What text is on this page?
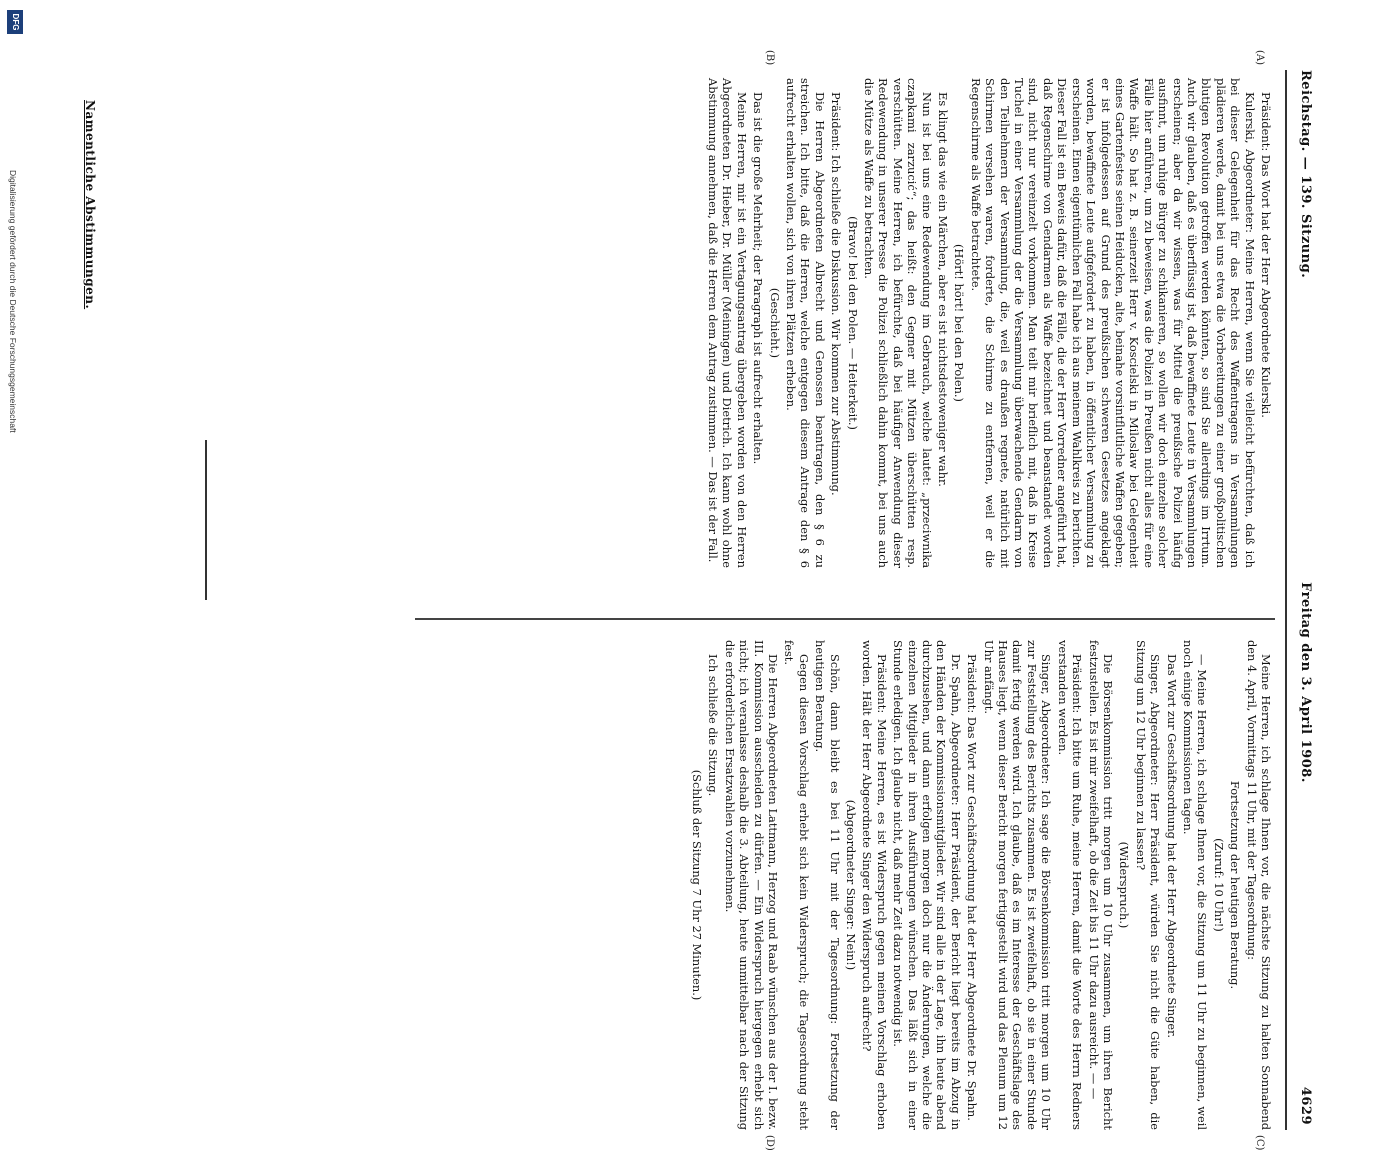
Reichstag. — 139. Sitzung.
Freitag den 3. April 1908.
4629
(A)
(B)
(C)
(D)

Präsident: Das Wort hat der Herr Abgeordnete Kulerski.

Kulerski, Abgeordneter: Meine Herren, wenn Sie vielleicht befürchten, daß ich bei dieser Gelegenheit für das Recht des Waffentragens in Versammlungen plädieren werde, damit bei uns etwa die Vorbereitungen zu einer großpolitischen blutigen Revolution getroffen werden könnten, so sind Sie allerdings im Irrtum. Auch wir glauben, daß es überflüssig ist, daß bewaffnete Leute in Versammlungen erscheinen; aber da wir wissen, was für Mittel die preußische Polizei häufig ausfinnt, um ruhige Bürger zu schikanieren, so wollen wir doch einzelne solcher Fälle hier anführen, um zu beweisen, was die Polizei in Preußen nicht alles für eine Waffe hält. So hat z. B. seinerzeit Herr v. Koscielski in Miloslaw bei Gelegenheit eines Gartenfestes seinen Heiducken, alte, beinahe vorsintflutliche Waffen gegeben; er ist infolgedessen auf Grund des preußischen schweren Gesetzes angeklagt worden, bewaffnete Leute aufgefordert zu haben, in öffentlicher Versammlung zu erscheinen. Einen eigentümlichen Fall habe ich aus meinem Wahlkreis zu berichten. Dieser Fall ist ein Beweis dafür, daß die Fälle, die der Herr Vorredner angeführt hat, daß Regenschirme von Gendarmen als Waffe bezeichnet und beanstandet worden sind, nicht nur vereinzelt vorkommen. Man teilt mir brieflich mit, daß in Kreise Tuchel in einer Versammlung der die Versammlung überwachende Gendarm von den Teilnehmern der Versammlung, die, weil es draußen regnete, natürlich mit Schirmen versehen waren, forderte, die Schirme zu entfernen, weil er die Regenschirme als Waffe betrachtete.

(Hört! hört! bei den Polen.)

Es klingt das wie ein Märchen, aber es ist nichtsdestoweniger wahr.

Nun ist bei uns eine Redewendung im Gebrauch, welche lautet: „przeciwnika czapkami zarzucić“; das heißt: den Gegner mit Mützen überschütten resp. verschütten. Meine Herren, ich befürchte, daß bei häufiger Anwendung dieser Redewendung in unserer Presse die Polizei schließlich dahin kommt, bei uns auch die Mütze als Waffe zu betrachten.

(Bravo! bei den Polen. — Heiterkeit.)

Präsident: Ich schließe die Diskussion. Wir kommen zur Abstimmung.

Die Herren Abgeordneten Albrecht und Genossen beantragen, den § 6 zu streichen. Ich bitte, daß die Herren, welche entgegen diesem Antrage den § 6 aufrecht erhalten wollen, sich von ihren Plätzen erheben.

(Geschieht.)

Das ist die große Mehrheit; der Paragraph ist aufrecht erhalten.

Meine Herren, mir ist ein Vertagungsantrag übergeben worden von den Herren Abgeordneten Dr. Hieber, Dr. Müller (Meiningen) und Dietrich. Ich kann wohl ohne Abstimmung annehmen, daß die Herren dem Antrag zustimmen. — Das ist der Fall.

Meine Herren, ich schlage Ihnen vor, die nächste Sitzung zu halten Sonnabend den 4. April, Vormittags 11 Uhr, mit der Tagesordnung:

Fortsetzung der heutigen Beratung.

(Zuruf: 10 Uhr!)

— Meine Herren, ich schlage Ihnen vor, die Sitzung um 11 Uhr zu beginnen, weil noch einige Kommissionen tagen.

Das Wort zur Geschäftsordnung hat der Herr Abgeordnete Singer.

Singer, Abgeordneter: Herr Präsident, würden Sie nicht die Güte haben, die Sitzung um 12 Uhr beginnen zu lassen?

(Widerspruch.)

Die Börsenkommission tritt morgen um 10 Uhr zusammen, um ihren Bericht festzustellen. Es ist mir zweifelhaft, ob die Zeit bis 11 Uhr dazu ausreicht. — —

Präsident: Ich bitte um Ruhe, meine Herren, damit die Worte des Herrn Redners verstanden werden.

Singer, Abgeordneter: Ich sage die Börsenkommission tritt morgen um 10 Uhr zur Feststellung des Berichts zusammen. Es ist zweifelhaft, ob sie in einer Stunde damit fertig werden wird. Ich glaube, daß es im Interesse der Geschäftslage des Hauses liegt, wenn dieser Bericht morgen fertiggestellt wird und das Plenum um 12 Uhr anfängt.

Präsident: Das Wort zur Geschäftsordnung hat der Herr Abgeordnete Dr. Spahn.

Dr. Spahn, Abgeordneter: Herr Präsident, der Bericht liegt bereits im Abzug in den Händen der Kommissionsmitglieder. Wir sind alle in der Lage, ihn heute abend durchzusehen, und dann erfolgen morgen doch nur die Änderungen, welche die einzelnen Mitglieder in ihren Ausführungen wünschen. Das läßt sich in einer Stunde erledigen. Ich glaube nicht, daß mehr Zeit dazu notwendig ist.

Präsident: Meine Herren, es ist Widerspruch gegen meinen Vorschlag erhoben worden. Hält der Herr Abgeordnete Singer den Widerspruch aufrecht?

(Abgeordneter Singer: Nein!)

Schön, dann bleibt es bei 11 Uhr mit der Tagesordnung: Fortsetzung der heutigen Beratung.

Gegen diesen Vorschlag erhebt sich kein Widerspruch; die Tagesordnung steht fest.

Die Herren Abgeordneten Lattmann, Herzog und Raab wünschen aus der I. bezw. III. Kommission ausscheiden zu dürfen. — Ein Widerspruch hiergegen erhebt sich nicht; ich veranlasse deshalb die 3. Abteilung, heute unmittelbar nach der Sitzung die erforderlichen Ersatzwahlen vorzunehmen.

Ich schließe die Sitzung.

(Schluß der Sitzung 7 Uhr 27 Minuten.)

Namentliche Abstimmungen.
Digitalisierung gefördert durch die Deutsche Forschungsgemeinschaft
DFG
